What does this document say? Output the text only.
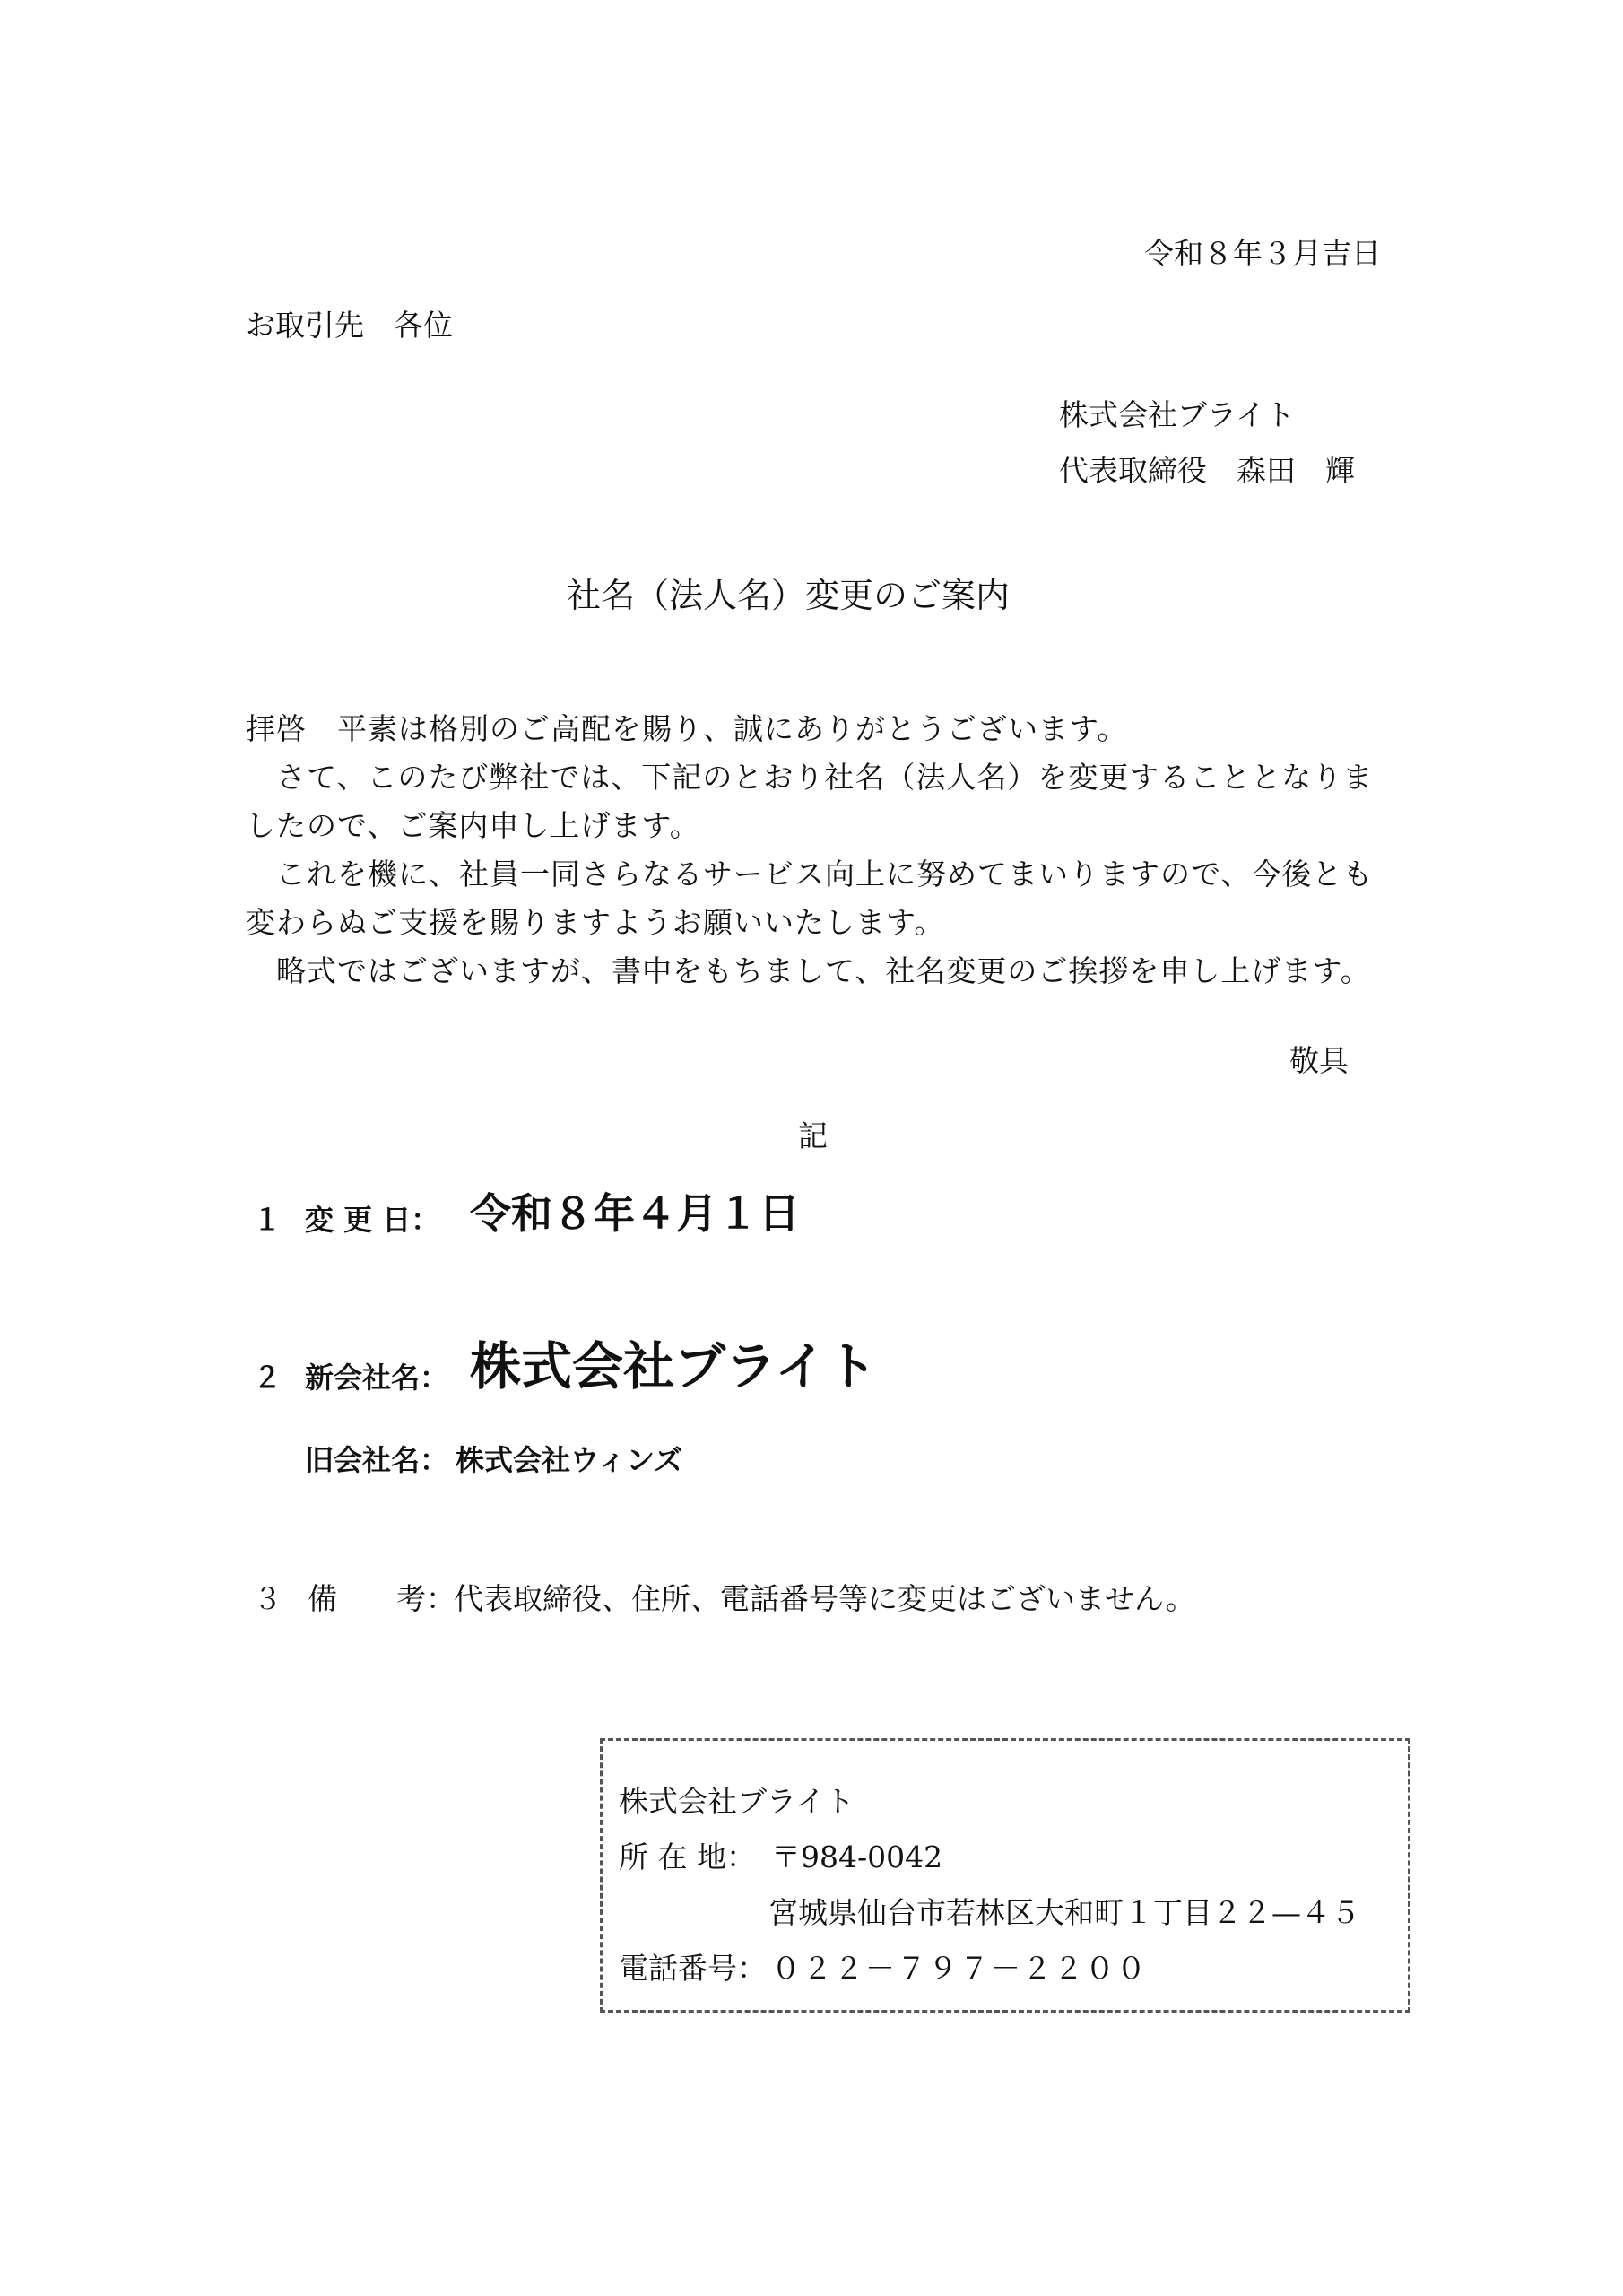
令和８年３月吉日
お取引先　各位
株式会社ブライト
代表取締役　森田　輝
社名（法人名）変更のご案内
拝啓　平素は格別のご高配を賜り、誠にありがとうございます。
　さて、このたび弊社では、下記のとおり社名（法人名）を変更することとなりま
したので、ご案内申し上げます。
　これを機に、社員一同さらなるサービス向上に努めてまいりますので、今後とも
変わらぬご支援を賜りますようお願いいたします。
　略式ではございますが、書中をもちまして、社名変更のご挨拶を申し上げます。
敬具
記
１ 変 更 日： 令和８年４月１日
２ 新会社名： 株式会社ブライト
旧会社名： 株式会社ウィンズ
３ 備　　考：
代表取締役、住所、電話番号等に変更はございません。
株式会社ブライト
所 在 地： 〒984-0042
宮城県仙台市若林区大和町１丁目２２—４５
電話番号： ０２２－７９７－２２００
